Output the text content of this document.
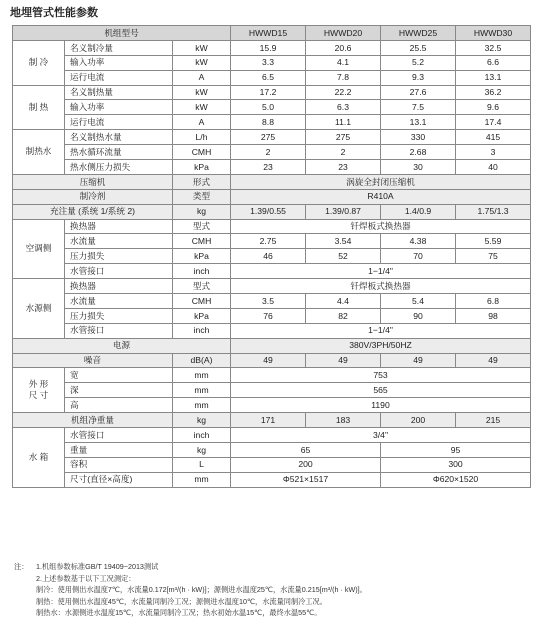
地埋管式性能参数
机组型号			HWWD15	HWWD20	HWWD25	HWWD30
制 冷	名义制冷量	kW	15.9	20.6	25.5	32.5
	输入功率	kW	3.3	4.1	5.2	6.6
	运行电流	A	6.5	7.8	9.3	13.1
制 热	名义制热量	kW	17.2	22.2	27.6	36.2
	输入功率	kW	5.0	6.3	7.5	9.6
	运行电流	A	8.8	11.1	13.1	17.4
制热水	名义制热水量	L/h	275	275	330	415
	热水循环流量	CMH	2	2	2.68	3
	热水侧压力损失	kPa	23	23	30	40
压缩机		形式	涡旋全封闭压缩机			
制冷剂		类型	R410A			
充注量 (系统 1/系统 2)		kg	1.39/0.55	1.39/0.87	1.4/0.9	1.75/1.3
空调侧	换热器	型式	钎焊板式换热器			
	水流量	CMH	2.75	3.54	4.38	5.59
	压力损失	kPa	46	52	70	75
	水管接口	inch	1−1/4"			
水源侧	换热器	型式	钎焊板式换热器			
	水流量	CMH	3.5	4.4	5.4	6.8
	压力损失	kPa	76	82	90	98
	水管接口	inch	1−1/4"			
电源			380V/3PH/50HZ			
噪音		dB(A)	49	49	49	49
外 形
尺 寸	宽	mm	753			
	深	mm	565			
	高	mm	1190			
机组净重量		kg	171	183	200	215
水 箱	水管接口	inch	3/4"			
	重量	kg	65		95	
	容积	L	200		300	
	尺寸(直径×高度)	mm	Φ521×1517		Φ620×1520	
注：	1.机组参数标准GB/T 19409−2013测试
2.上述参数基于以下工况测定：
制冷：使用侧出水温度7℃，水流量0.172[m³/(h · kW)]；源侧进水温度25℃，水流量0.215[m³/(h · kW)]。
制热：使用侧出水温度45℃，水流量同制冷工况；源侧进水温度10℃，水流量同制冷工况。
制热水：水源侧进水温度15℃，水流量同制冷工况；热水初始水温15℃，最终水温55℃。
